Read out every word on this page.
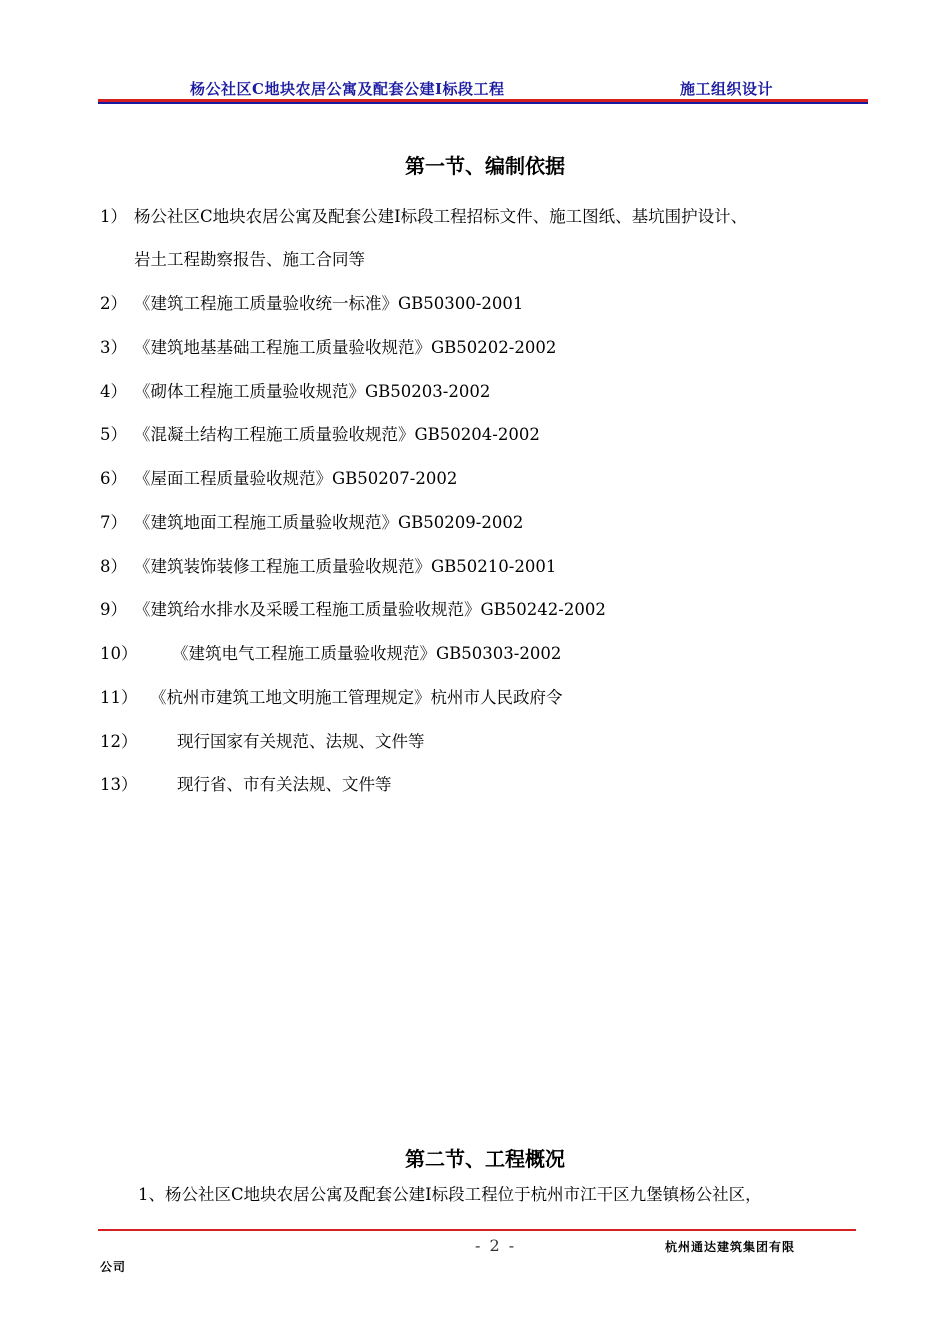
杨公社区C地块农居公寓及配套公建Ⅰ标段工程	施工组织设计
第一节、编制依据
1） 杨公社区C地块农居公寓及配套公建Ⅰ标段工程招标文件、施工图纸、基坑围护设计、
岩土工程勘察报告、施工合同等
2） 《建筑工程施工质量验收统一标准》GB50300-2001
3） 《建筑地基基础工程施工质量验收规范》GB50202-2002
4） 《砌体工程施工质量验收规范》GB50203-2002
5） 《混凝土结构工程施工质量验收规范》GB50204-2002
6） 《屋面工程质量验收规范》GB50207-2002
7） 《建筑地面工程施工质量验收规范》GB50209-2002
8） 《建筑装饰装修工程施工质量验收规范》GB50210-2001
9） 《建筑给水排水及采暖工程施工质量验收规范》GB50242-2002
10） 《建筑电气工程施工质量验收规范》GB50303-2002
11） 《杭州市建筑工地文明施工管理规定》杭州市人民政府令
12） 现行国家有关规范、法规、文件等
13） 现行省、市有关法规、文件等
第二节、工程概况
1、杨公社区C地块农居公寓及配套公建Ⅰ标段工程位于杭州市江干区九堡镇杨公社区，
- 2 -	杭州通达建筑集团有限
公司
